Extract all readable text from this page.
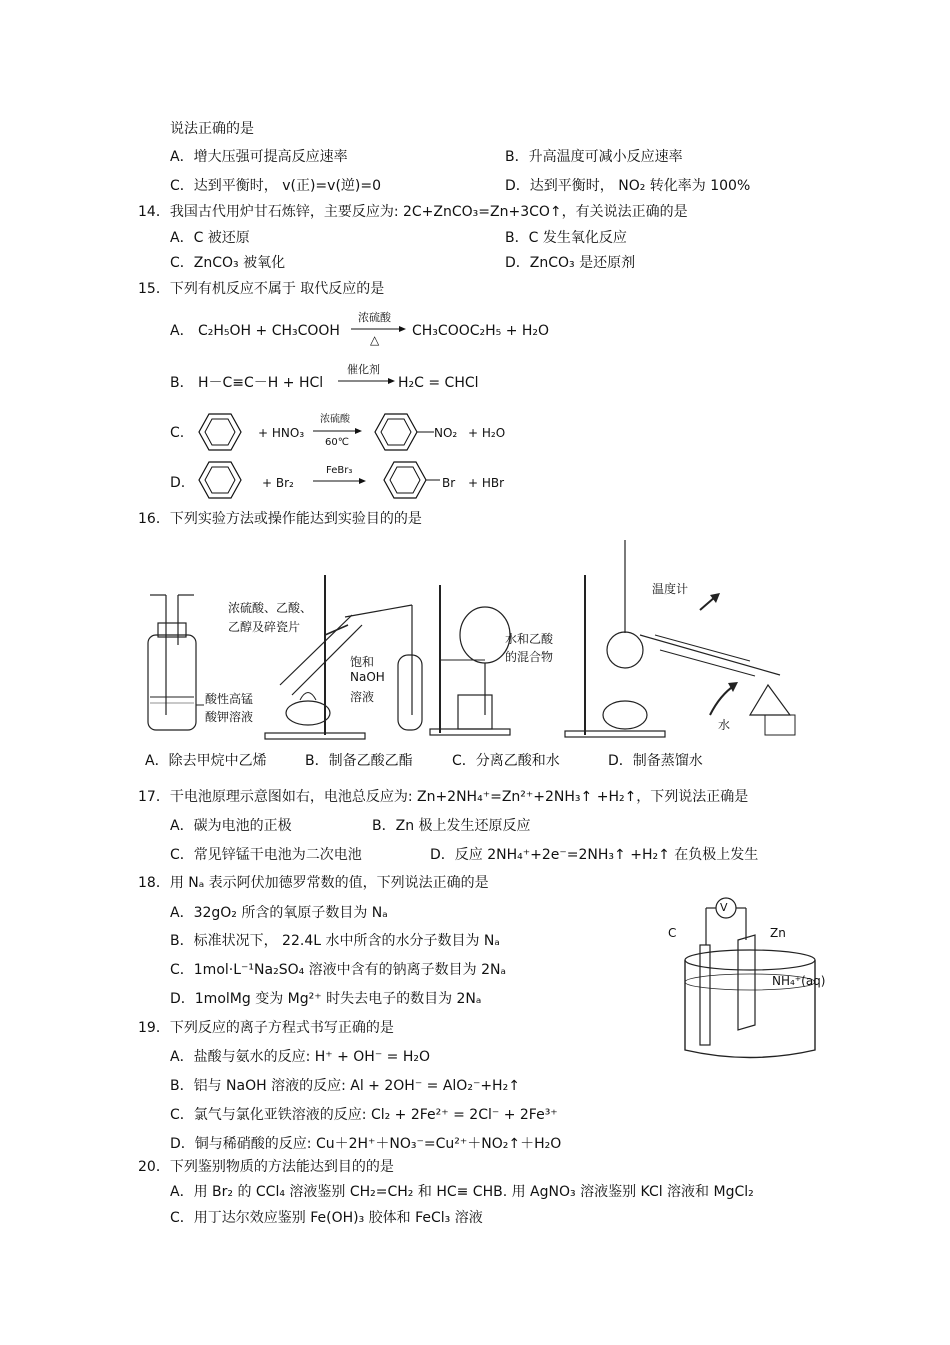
说法正确的是
A．增大压强可提高反应速率	B．升高温度可减小反应速率
C．达到平衡时， v(正)=v(逆)=0	D．达到平衡时， NO₂ 转化率为 100%
14．我国古代用炉甘石炼锌，主要反应为: 2C+ZnCO₃=Zn+3CO↑，有关说法正确的是
A．C 被还原	B．C 发生氧化反应
C．ZnCO₃ 被氧化	D．ZnCO₃ 是还原剂
15．下列有机反应不属于 取代反应的是
A． C₂H₅OH + CH₃COOH
浓硫酸
△
CH₃COOC₂H₅ + H₂O
B． H－C≡C－H + HCl
催化剂
H₂C = CHCl
C.	+ HNO₃
浓硫酸
60℃
NO₂ + H₂O
D.	+ Br₂
FeBr₃
Br + HBr
16．下列实验方法或操作能达到实验目的的是
酸性高锰
酸钾溶液
浓硫酸、乙酸、
乙醇及碎瓷片
饱和
NaOH
溶液
水和乙酸
的混合物
温度计
水
A．除去甲烷中乙烯	B．制备乙酸乙酯	C．分离乙酸和水	D．制备蒸馏水
17．干电池原理示意图如右，电池总反应为: Zn+2NH₄⁺=Zn²⁺+2NH₃↑ +H₂↑，下列说法正确是
A．碳为电池的正极	B．Zn 极上发生还原反应
C．常见锌锰干电池为二次电池	D．反应 2NH₄⁺+2e⁻=2NH₃↑ +H₂↑ 在负极上发生
V
C	Zn
NH₄⁺(aq)
18．用 Nₐ 表示阿伏加德罗常数的值，下列说法正确的是
A．32gO₂ 所含的氧原子数目为 Nₐ
B．标准状况下， 22.4L 水中所含的水分子数目为 Nₐ
C．1mol·L⁻¹Na₂SO₄ 溶液中含有的钠离子数目为 2Nₐ
D．1molMg 变为 Mg²⁺ 时失去电子的数目为 2Nₐ
19．下列反应的离子方程式书写正确的是
A．盐酸与氨水的反应: H⁺ + OH⁻ = H₂O
B．铝与 NaOH 溶液的反应: Al + 2OH⁻ = AlO₂⁻+H₂↑
C．氯气与氯化亚铁溶液的反应: Cl₂ + 2Fe²⁺ = 2Cl⁻ + 2Fe³⁺
D．铜与稀硝酸的反应: Cu＋2H⁺＋NO₃⁻=Cu²⁺＋NO₂↑＋H₂O
20．下列鉴别物质的方法能达到目的的是
A．用 Br₂ 的 CCl₄ 溶液鉴别 CH₂=CH₂ 和 HC≡ CHB. 用 AgNO₃ 溶液鉴别 KCl 溶液和 MgCl₂
C．用丁达尔效应鉴别 Fe(OH)₃ 胶体和 FeCl₃ 溶液
